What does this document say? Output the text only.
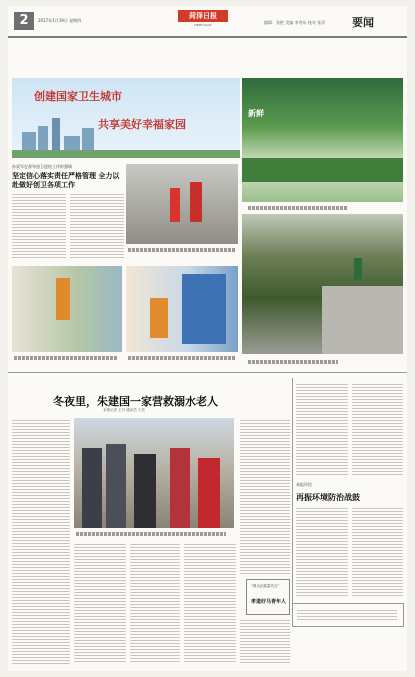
2	2017年1月19日 星期四
菏泽日报
HEZE DAILY	编辑：张艳 美编 李秀东 校对 张萍 要闻
创建国家卫生城市
共享美好幸福家园
新鲜
孙爱军在督导创卫迎检工作时强调
坚定信心落实责任严格管理 全力以赴做好创卫各项工作
冬夜里，朱建国一家营救溺水老人
本报记者 王丹 通讯员 王亮
“我为正能量代言”
孝道好马青年人
本报评论
再振环境防治战鼓
